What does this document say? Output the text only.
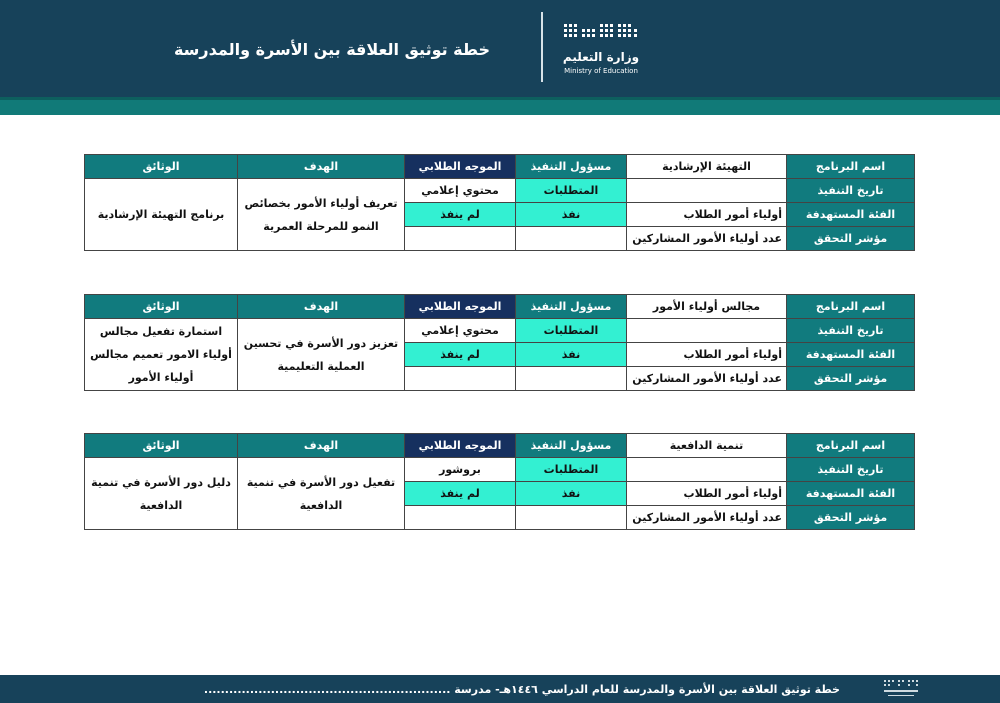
خطة توثيق العلاقة بين الأسرة والمدرسة	وزارة التعليم
Ministry of Education
اسم البرنامج	التهيئة الإرشادية	مسؤول التنفيذ	الموجه الطلابي	الهدف	الوثائق
تاريخ التنفيذ		المتطلبات	محتوي إعلامي	تعريف أولياء الأمور بخصائص النمو للمرحلة العمرية	برنامج التهيئة الإرشادية
الفئة المستهدفة	أولياء أمور الطلاب	نفذ	لم ينفذ		
مؤشر التحقق	عدد أولياء الأمور المشاركين				
اسم البرنامج	مجالس أولياء الأمور	مسؤول التنفيذ	الموجه الطلابي	الهدف	الوثائق
تاريخ التنفيذ		المتطلبات	محتوي إعلامي	تعزيز دور الأسرة في تحسين العملية التعليمية	استمارة تفعيل مجالس أولياء الامور تعميم مجالس أولياء الأمور
الفئة المستهدفة	أولياء أمور الطلاب	نفذ	لم ينفذ		
مؤشر التحقق	عدد أولياء الأمور المشاركين				
اسم البرنامج	تنمية الدافعية	مسؤول التنفيذ	الموجه الطلابي	الهدف	الوثائق
تاريخ التنفيذ		المتطلبات	بروشور	تفعيل دور الأسرة في تنمية الدافعية	دليل دور الأسرة في تنمية الدافعية
الفئة المستهدفة	أولياء أمور الطلاب	نفذ	لم ينفذ		
مؤشر التحقق	عدد أولياء الأمور المشاركين				
خطة توثيق العلاقة بين الأسرة والمدرسة للعام الدراسي ١٤٤٦هـ- مدرسة ...........................................................
